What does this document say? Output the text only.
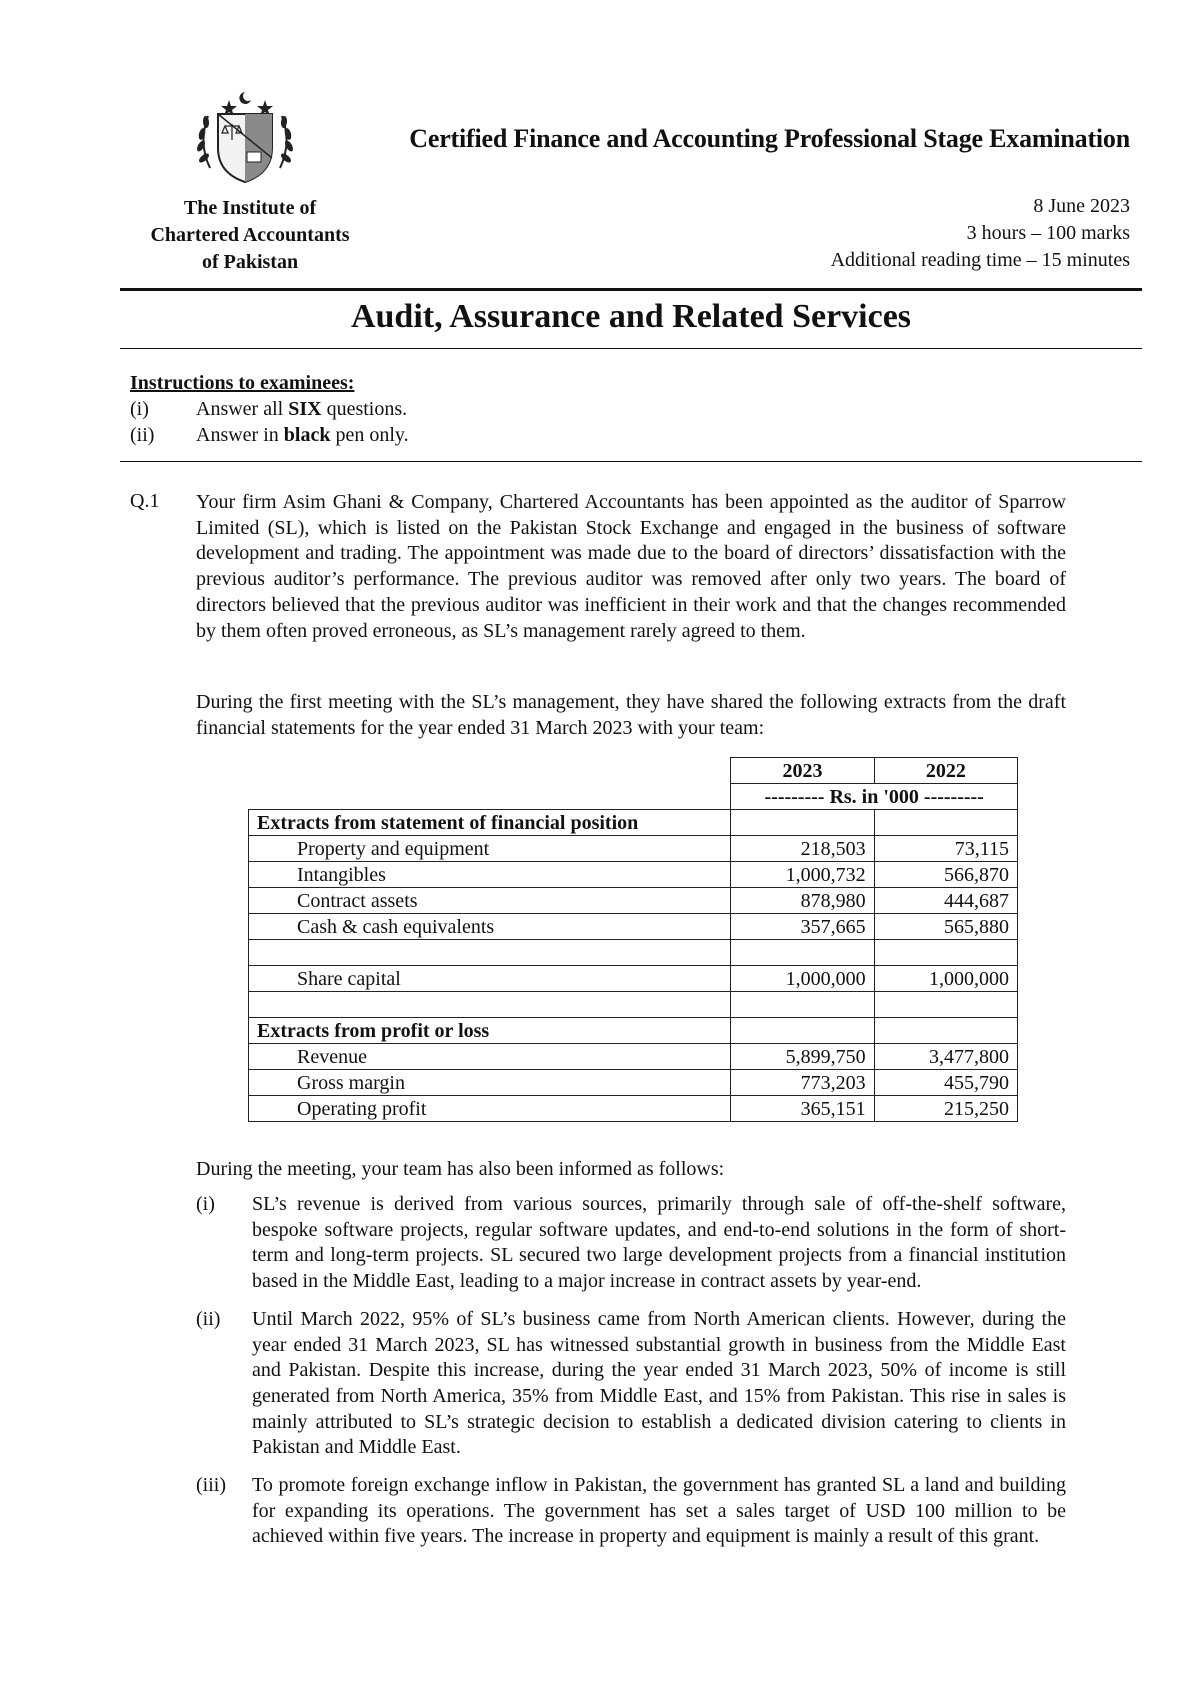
Certified Finance and Accounting Professional Stage Examination
The Institute of
Chartered Accountants
of Pakistan
8 June 2023
3 hours – 100 marks
Additional reading time – 15 minutes
Audit, Assurance and Related Services
Instructions to examinees:
(i)	Answer all SIX questions.
(ii)	Answer in black pen only.
Q.1 Your firm Asim Ghani & Company, Chartered Accountants has been appointed as the auditor of Sparrow Limited (SL), which is listed on the Pakistan Stock Exchange and engaged in the business of software development and trading. The appointment was made due to the board of directors’ dissatisfaction with the previous auditor’s performance. The previous auditor was removed after only two years. The board of directors believed that the previous auditor was inefficient in their work and that the changes recommended by them often proved erroneous, as SL’s management rarely agreed to them.
During the first meeting with the SL’s management, they have shared the following extracts from the draft financial statements for the year ended 31 March 2023 with your team:
	2023	2022
	--------- Rs. in '000 ---------	
Extracts from statement of financial position		
Property and equipment	218,503	73,115
Intangibles	1,000,732	566,870
Contract assets	878,980	444,687
Cash & cash equivalents	357,665	565,880

Share capital	1,000,000	1,000,000

Extracts from profit or loss		
Revenue	5,899,750	3,477,800
Gross margin	773,203	455,790
Operating profit	365,151	215,250
During the meeting, your team has also been informed as follows:
(i)	SL’s revenue is derived from various sources, primarily through sale of off-the-shelf software, bespoke software projects, regular software updates, and end-to-end solutions in the form of short-term and long-term projects. SL secured two large development projects from a financial institution based in the Middle East, leading to a major increase in contract assets by year-end.
(ii)	Until March 2022, 95% of SL’s business came from North American clients. However, during the year ended 31 March 2023, SL has witnessed substantial growth in business from the Middle East and Pakistan. Despite this increase, during the year ended 31 March 2023, 50% of income is still generated from North America, 35% from Middle East, and 15% from Pakistan. This rise in sales is mainly attributed to SL’s strategic decision to establish a dedicated division catering to clients in Pakistan and Middle East.
(iii)	To promote foreign exchange inflow in Pakistan, the government has granted SL a land and building for expanding its operations. The government has set a sales target of USD 100 million to be achieved within five years. The increase in property and equipment is mainly a result of this grant.
